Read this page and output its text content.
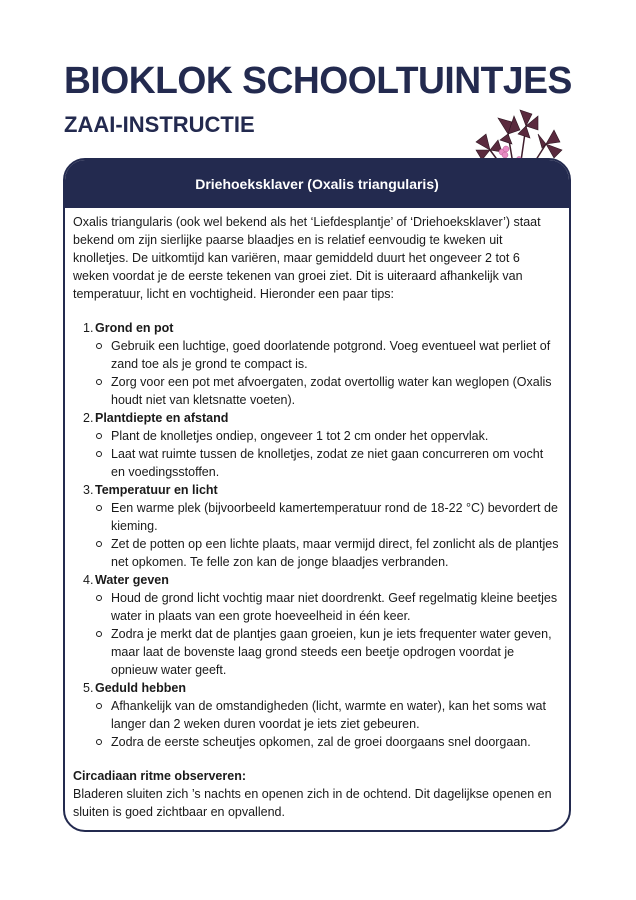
BIOKLOK SCHOOLTUINTJES
ZAAI-INSTRUCTIE
Driehoeksklaver (Oxalis triangularis)

Oxalis triangularis (ook wel bekend als het ‘Liefdesplantje’ of ‘Driehoeksklaver’) staat bekend om zijn sierlijke paarse blaadjes en is relatief eenvoudig te kweken uit knolletjes. De uitkomtijd kan variëren, maar gemiddeld duurt het ongeveer 2 tot 6 weken voordat je de eerste tekenen van groei ziet. Dit is uiteraard afhankelijk van temperatuur, licht en vochtigheid. Hieronder een paar tips:

Grond en pot
Gebruik een luchtige, goed doorlatende potgrond. Voeg eventueel wat perliet of zand toe als je grond te compact is.
Zorg voor een pot met afvoergaten, zodat overtollig water kan weglopen (Oxalis houdt niet van kletsnatte voeten).
Plantdiepte en afstand
Plant de knolletjes ondiep, ongeveer 1 tot 2 cm onder het oppervlak.
Laat wat ruimte tussen de knolletjes, zodat ze niet gaan concurreren om vocht en voedingsstoffen.
Temperatuur en licht
Een warme plek (bijvoorbeeld kamertemperatuur rond de 18-22 °C) bevordert de kieming.
Zet de potten op een lichte plaats, maar vermijd direct, fel zonlicht als de plantjes net opkomen. Te felle zon kan de jonge blaadjes verbranden.
Water geven
Houd de grond licht vochtig maar niet doordrenkt. Geef regelmatig kleine beetjes water in plaats van een grote hoeveelheid in één keer.
Zodra je merkt dat de plantjes gaan groeien, kun je iets frequenter water geven, maar laat de bovenste laag grond steeds een beetje opdrogen voordat je opnieuw water geeft.
Geduld hebben
Afhankelijk van de omstandigheden (licht, warmte en water), kan het soms wat langer dan 2 weken duren voordat je iets ziet gebeuren.
Zodra de eerste scheutjes opkomen, zal de groei doorgaans snel doorgaan.

Circadiaan ritme observeren:

Bladeren sluiten zich ’s nachts en openen zich in de ochtend. Dit dagelijkse openen en sluiten is goed zichtbaar en opvallend.
